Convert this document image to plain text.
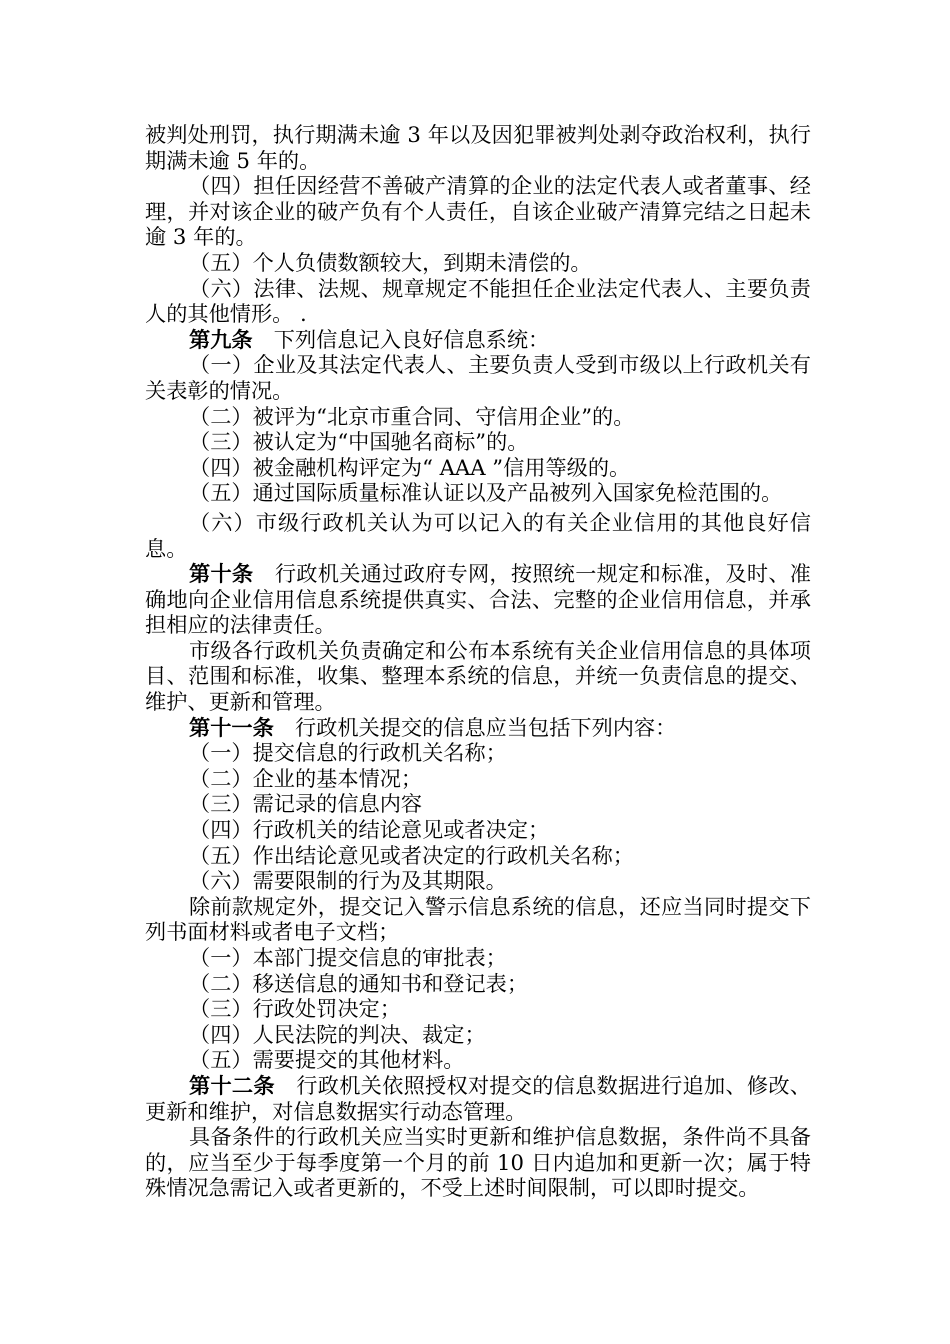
被判处刑罚，执行期满未逾 3 年以及因犯罪被判处剥夺政治权利，执行期满未逾 5 年的。

（四）担任因经营不善破产清算的企业的法定代表人或者董事、经理，并对该企业的破产负有个人责任，自该企业破产清算完结之日起未逾 3 年的。

（五）个人负债数额较大，到期未清偿的。

（六）法律、法规、规章规定不能担任企业法定代表人、主要负责人的其他情形。 .

第九条　 下列信息记入良好信息系统：

（一）企业及其法定代表人、主要负责人受到市级以上行政机关有关表彰的情况。

（二）被评为“北京市重合同、守信用企业”的。

（三）被认定为“中国驰名商标”的。

（四）被金融机构评定为“ AAA ”信用等级的。

（五）通过国际质量标准认证以及产品被列入国家免检范围的。

（六）市级行政机关认为可以记入的有关企业信用的其他良好信息。

第十条　 行政机关通过政府专网，按照统一规定和标准，及时、准确地向企业信用信息系统提供真实、合法、完整的企业信用信息，并承担相应的法律责任。

市级各行政机关负责确定和公布本系统有关企业信用信息的具体项目、范围和标准，收集、整理本系统的信息，并统一负责信息的提交、维护、更新和管理。

第十一条　 行政机关提交的信息应当包括下列内容：

（一）提交信息的行政机关名称；

（二）企业的基本情况；

（三）需记录的信息内容

（四）行政机关的结论意见或者决定；

（五）作出结论意见或者决定的行政机关名称；

（六）需要限制的行为及其期限。

除前款规定外，提交记入警示信息系统的信息，还应当同时提交下列书面材料或者电子文档；

（一）本部门提交信息的审批表；

（二）移送信息的通知书和登记表；

（三）行政处罚决定；

（四）人民法院的判决、裁定；

（五）需要提交的其他材料。

第十二条　 行政机关依照授权对提交的信息数据进行追加、修改、更新和维护，对信息数据实行动态管理。

具备条件的行政机关应当实时更新和维护信息数据，条件尚不具备的，应当至少于每季度第一个月的前 10 日内追加和更新一次；属于特殊情况急需记入或者更新的，不受上述时间限制，可以即时提交。
